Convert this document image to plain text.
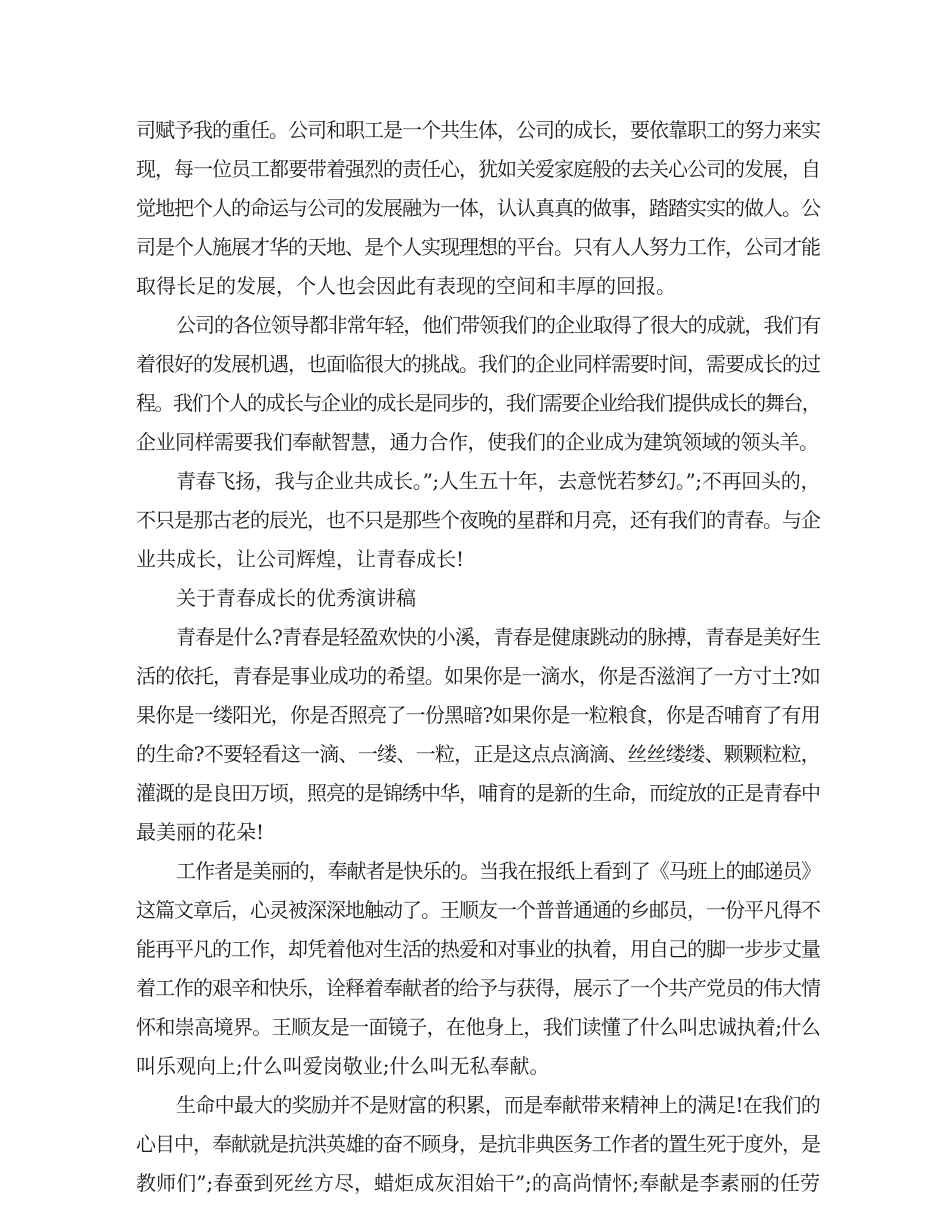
司赋予我的重任。公司和职工是一个共生体，公司的成长，要依靠职工的努力来实
现，每一位员工都要带着强烈的责任心，犹如关爱家庭般的去关心公司的发展，自
觉地把个人的命运与公司的发展融为一体，认认真真的做事，踏踏实实的做人。公
司是个人施展才华的天地、是个人实现理想的平台。只有人人努力工作，公司才能
取得长足的发展，个人也会因此有表现的空间和丰厚的回报。
公司的各位领导都非常年轻，他们带领我们的企业取得了很大的成就，我们有
着很好的发展机遇，也面临很大的挑战。我们的企业同样需要时间，需要成长的过
程。我们个人的成长与企业的成长是同步的，我们需要企业给我们提供成长的舞台，
企业同样需要我们奉献智慧，通力合作，使我们的企业成为建筑领域的领头羊。
青春飞扬，我与企业共成长。”;人生五十年，去意恍若梦幻。”;不再回头的，
不只是那古老的辰光，也不只是那些个夜晚的星群和月亮，还有我们的青春。与企
业共成长，让公司辉煌，让青春成长!
关于青春成长的优秀演讲稿
青春是什么?青春是轻盈欢快的小溪，青春是健康跳动的脉搏，青春是美好生
活的依托，青春是事业成功的希望。如果你是一滴水，你是否滋润了一方寸土?如
果你是一缕阳光，你是否照亮了一份黑暗?如果你是一粒粮食，你是否哺育了有用
的生命?不要轻看这一滴、一缕、一粒，正是这点点滴滴、丝丝缕缕、颗颗粒粒，
灌溉的是良田万顷，照亮的是锦绣中华，哺育的是新的生命，而绽放的正是青春中
最美丽的花朵!
工作者是美丽的，奉献者是快乐的。当我在报纸上看到了《马班上的邮递员》
这篇文章后，心灵被深深地触动了。王顺友一个普普通通的乡邮员，一份平凡得不
能再平凡的工作，却凭着他对生活的热爱和对事业的执着，用自己的脚一步步丈量
着工作的艰辛和快乐，诠释着奉献者的给予与获得，展示了一个共产党员的伟大情
怀和崇高境界。王顺友是一面镜子，在他身上，我们读懂了什么叫忠诚执着;什么
叫乐观向上;什么叫爱岗敬业;什么叫无私奉献。
生命中最大的奖励并不是财富的积累，而是奉献带来精神上的满足!在我们的
心目中，奉献就是抗洪英雄的奋不顾身，是抗非典医务工作者的置生死于度外，是
教师们”;春蚕到死丝方尽，蜡炬成灰泪始干”;的高尚情怀;奉献是李素丽的任劳
